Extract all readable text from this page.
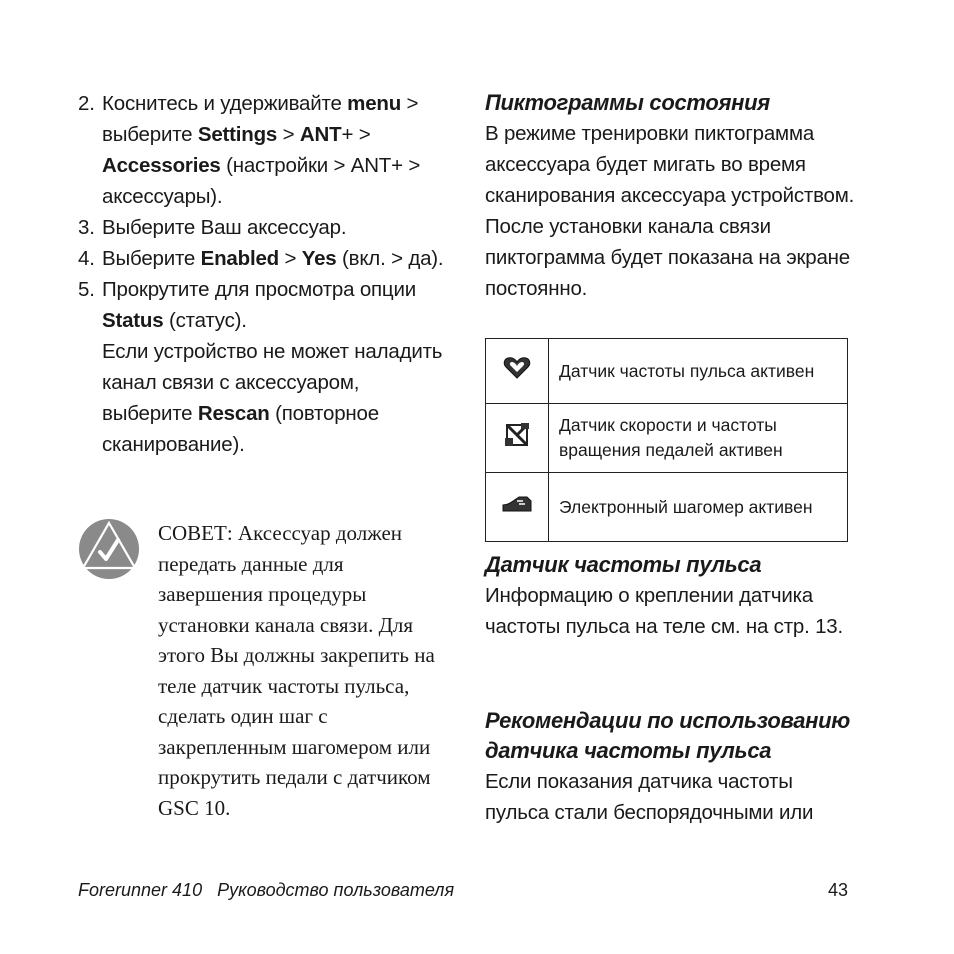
2. Коснитесь и удерживайте menu > выберите Settings > ANT+ > Accessories (настройки > ANT+ > аксессуары).
3. Выберите Ваш аксессуар.
4. Выберите Enabled > Yes (вкл. > да).
5. Прокрутите для просмотра опции Status (статус).
Если устройство не может наладить канал связи с аксессуаром, выберите Rescan (повторное сканирование).
СОВЕТ: Аксессуар должен передать данные для завершения процедуры установки канала связи. Для этого Вы должны закрепить на теле датчик частоты пульса, сделать один шаг с закрепленным шагомером или прокрутить педали с датчиком GSC 10.
Пиктограммы состояния
В режиме тренировки пиктограмма аксессуара будет мигать во время сканирования аксессуара устройством. После установки канала связи пиктограмма будет показана на экране постоянно.
	Датчик частоты пульса активен
	Датчик скорости и частоты вращения педалей активен
	Электронный шагомер активен
Датчик частоты пульса
Информацию о креплении датчика частоты пульса на теле см. на стр. 13.
Рекомендации по использованию датчика частоты пульса
Если показания датчика частоты пульса стали беспорядочными или
Forerunner 410   Руководство пользователя	43
